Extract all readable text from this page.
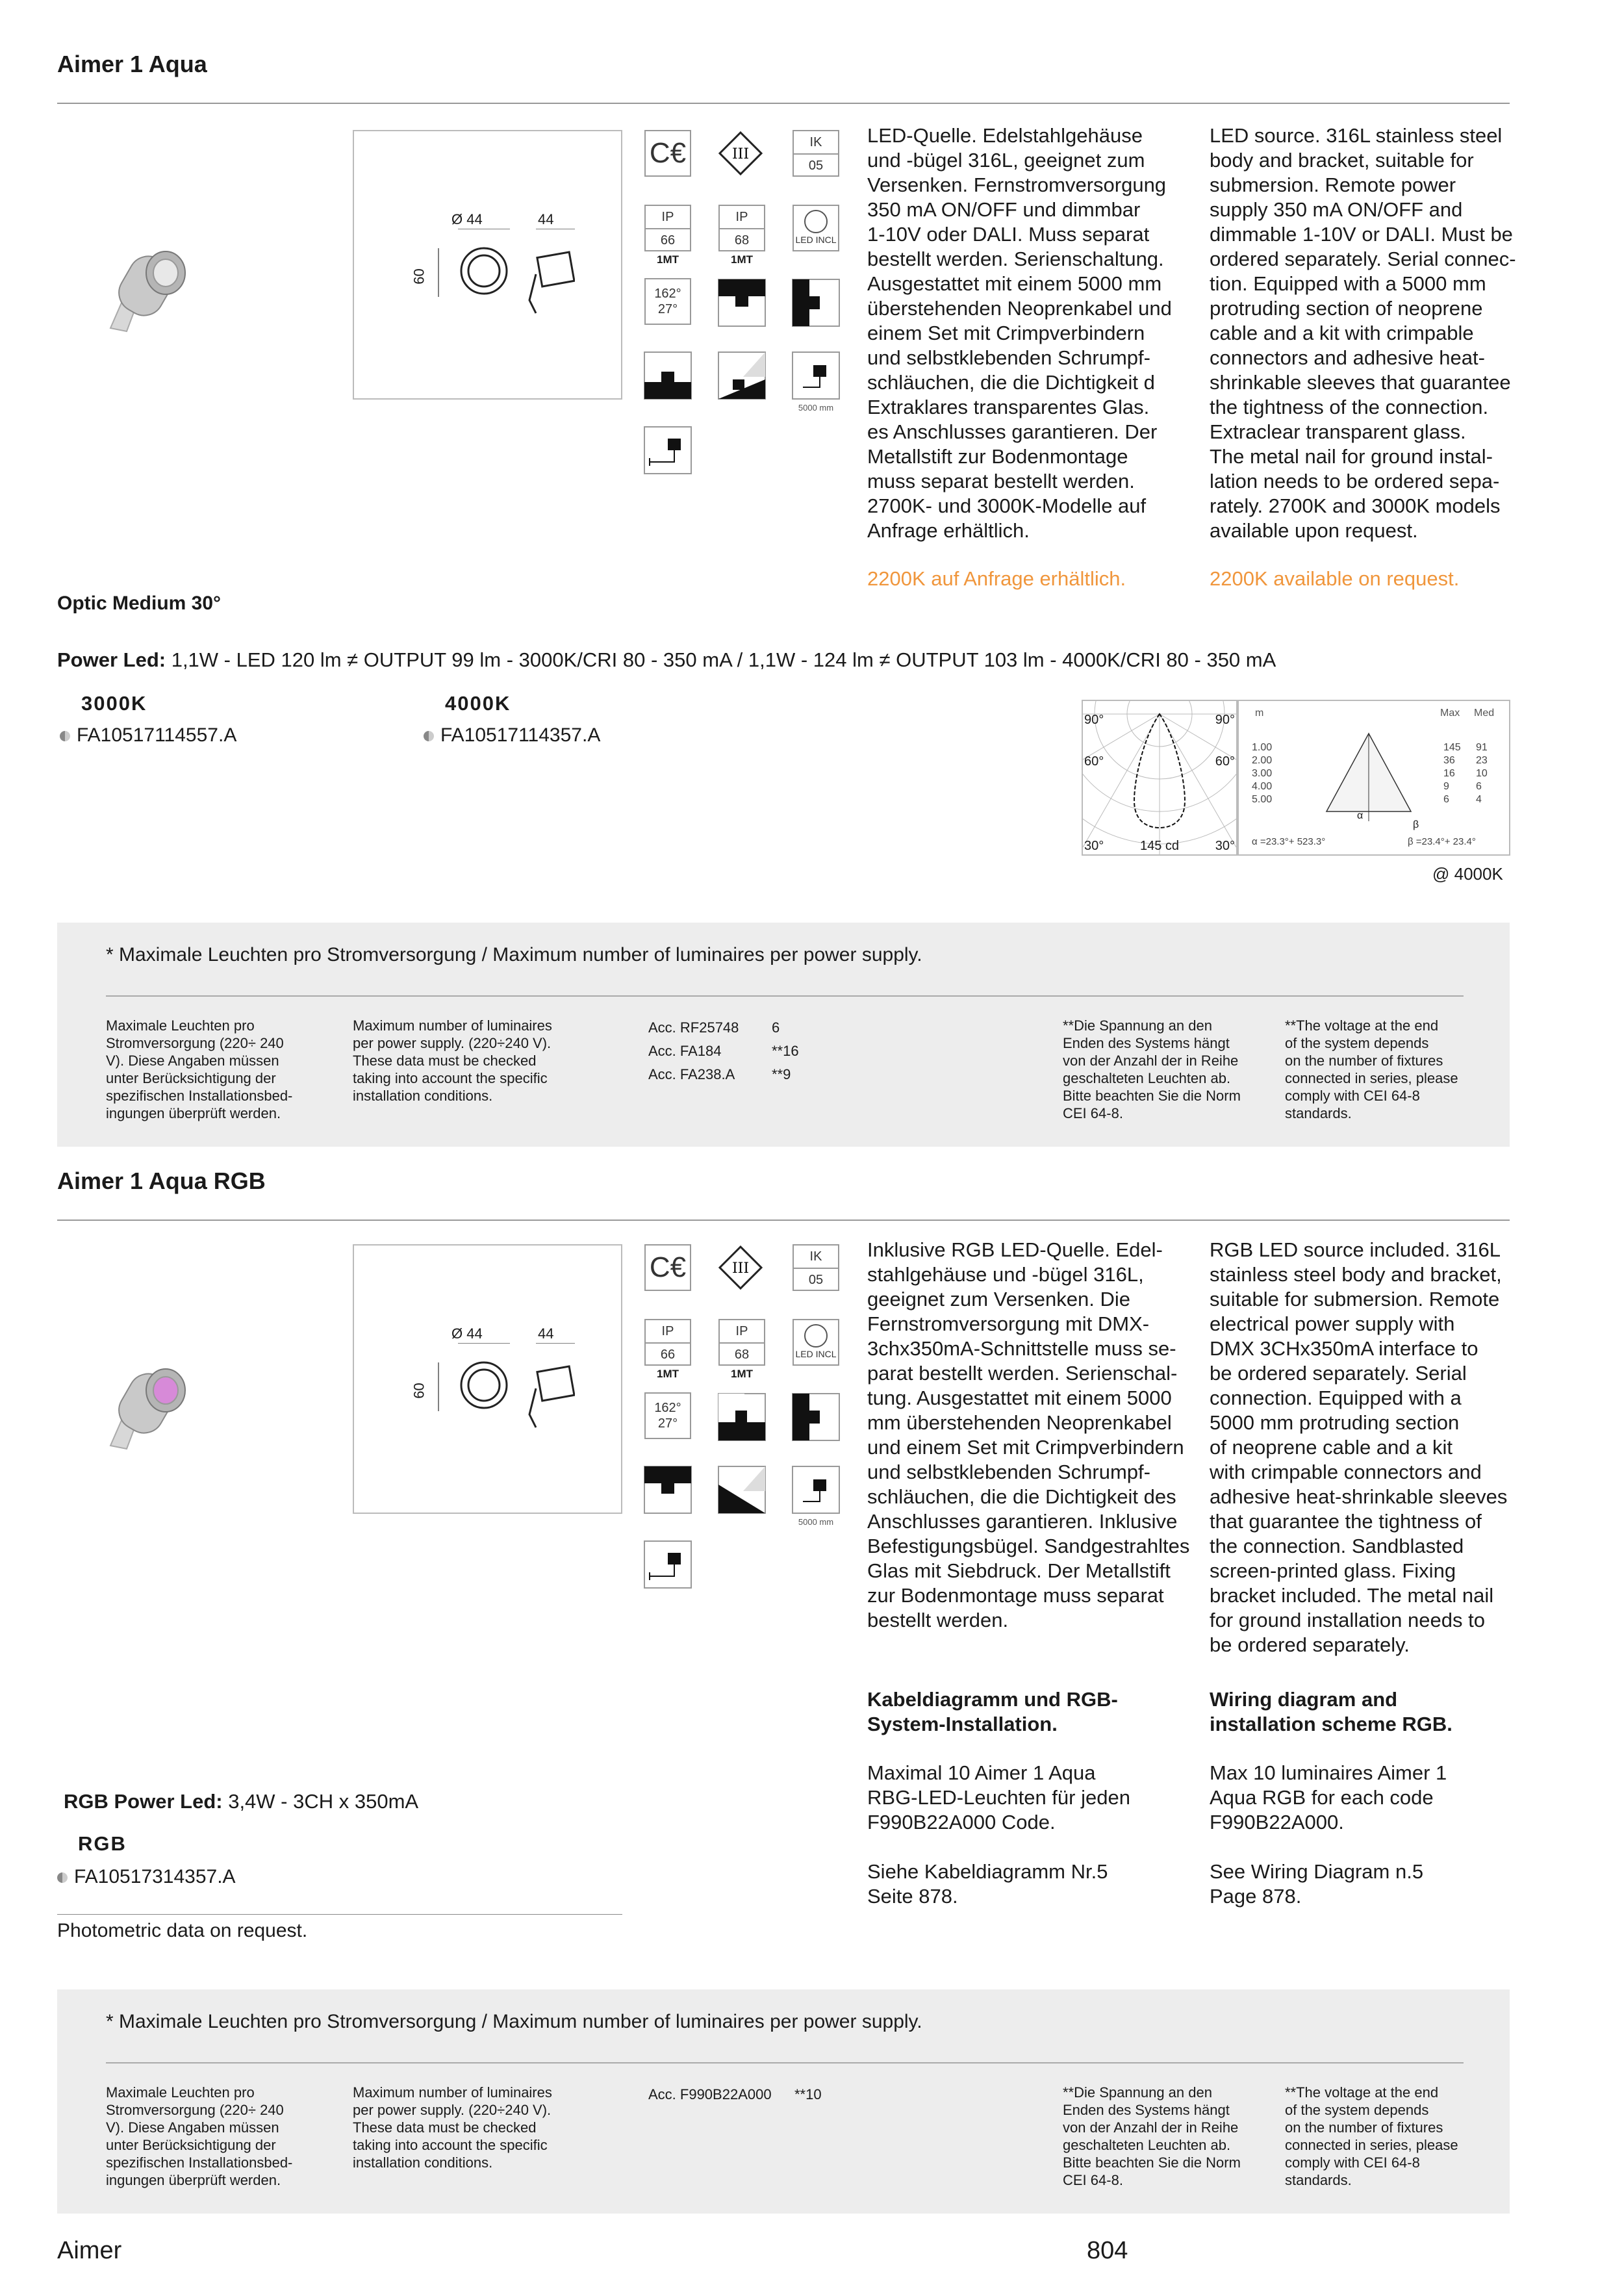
Aimer 1 Aqua
Ø 44	44
60
C€	III
IK
05
IP
66
1MT
IP
68
1MT
LED INCL
162°
27°
5000 mm
LED-Quelle. Edelstahlgehäuse
und -bügel 316L, geeignet zum
Versenken. Fernstromversorgung
350 mA ON/OFF und dimmbar
1-10V oder DALI. Muss separat
bestellt werden. Serienschaltung.
Ausgestattet mit einem 5000 mm
überstehenden Neoprenkabel und
einem Set mit Crimpverbindern
und selbstklebenden Schrumpf-
schläuchen, die die Dichtigkeit d
Extraklares transparentes Glas.
es Anschlusses garantieren. Der
Metallstift zur Bodenmontage
muss separat bestellt werden.
2700K- und 3000K-Modelle auf
Anfrage erhältlich.
LED source. 316L stainless steel
body and bracket, suitable for
submersion. Remote power
supply 350 mA ON/OFF and
dimmable 1-10V or DALI. Must be
ordered separately. Serial connec-
tion. Equipped with a 5000 mm
protruding section of neoprene
cable and a kit with crimpable
connectors and adhesive heat-
shrinkable sleeves that guarantee
the tightness of the connection.
Extraclear transparent glass.
The metal nail for ground instal-
lation needs to be ordered sepa-
rately. 2700K and 3000K models
available upon request.
2200K auf Anfrage erhältlich.	2200K available on request.
Optic Medium 30°
Power Led: 1,1W - LED 120 lm ≠ OUTPUT 99 lm - 3000K/CRI 80 - 350 mA / 1,1W - 124 lm ≠ OUTPUT 103 lm - 4000K/CRI 80 - 350 mA
3000K
FA10517114557.A
4000K
FA10517114357.A
90°	90°
60°	60°
30°	30°
145 cd
m	Max Med
1.00	145 91
2.00	36 23
3.00	16 10
4.00	9	6
5.00	6	4
α
β
α =23.3°+ 523.3°	β =23.4°+ 23.4°
@ 4000K
* Maximale Leuchten pro Stromversorgung / Maximum number of luminaires per power supply.
Maximale Leuchten pro
Stromversorgung (220÷ 240
V). Diese Angaben müssen
unter Berücksichtigung der
spezifischen Installationsbed-
ingungen überprüft werden.
Maximum number of luminaires
per power supply. (220÷240 V).
These data must be checked
taking into account the specific
installation conditions.
Acc. RF25748 6
Acc. FA184	**16
Acc. FA238.A	**9
**Die Spannung an den
Enden des Systems hängt
von der Anzahl der in Reihe
geschalteten Leuchten ab.
Bitte beachten Sie die Norm
CEI 64-8.
**The voltage at the end
of the system depends
on the number of fixtures
connected in series, please
comply with CEI 64-8
standards.
Aimer 1 Aqua RGB
Ø 44	44
60
C€	III
IK
05
IP
66
1MT
IP
68
1MT
LED INCL
162°
27°
5000 mm
Inklusive RGB LED-Quelle. Edel-
stahlgehäuse und -bügel 316L,
geeignet zum Versenken. Die
Fernstromversorgung mit DMX-
3chx350mA-Schnittstelle muss se-
parat bestellt werden. Serienschal-
tung. Ausgestattet mit einem 5000
mm überstehenden Neoprenkabel
und einem Set mit Crimpverbindern
und selbstklebenden Schrumpf-
schläuchen, die die Dichtigkeit des
Anschlusses garantieren. Inklusive
Befestigungsbügel. Sandgestrahltes
Glas mit Siebdruck. Der Metallstift
zur Bodenmontage muss separat
bestellt werden.
RGB LED source included. 316L
stainless steel body and bracket,
suitable for submersion. Remote
electrical power supply with
DMX 3CHx350mA interface to
be ordered separately. Serial
connection. Equipped with a
5000 mm protruding section
of neoprene cable and a kit
with crimpable connectors and
adhesive heat-shrinkable sleeves
that guarantee the tightness of
the connection. Sandblasted
screen-printed glass. Fixing
bracket included. The metal nail
for ground installation needs to
be ordered separately.
Kabeldiagramm und RGB-
System-Installation.
Wiring diagram and
installation scheme RGB.
Maximal 10 Aimer 1 Aqua
RBG-LED-Leuchten für jeden
F990B22A000 Code.
Max 10 luminaires Aimer 1
Aqua RGB for each code
F990B22A000.
Siehe Kabeldiagramm Nr.5
Seite 878.
See Wiring Diagram n.5
Page 878.
RGB Power Led: 3,4W - 3CH x 350mA
RGB
FA10517314357.A
Photometric data on request.
* Maximale Leuchten pro Stromversorgung / Maximum number of luminaires per power supply.
Maximale Leuchten pro
Stromversorgung (220÷ 240
V). Diese Angaben müssen
unter Berücksichtigung der
spezifischen Installationsbed-
ingungen überprüft werden.
Maximum number of luminaires
per power supply. (220÷240 V).
These data must be checked
taking into account the specific
installation conditions.
Acc. F990B22A000 **10	**Die Spannung an den
Enden des Systems hängt
von der Anzahl der in Reihe
geschalteten Leuchten ab.
Bitte beachten Sie die Norm
CEI 64-8.
**The voltage at the end
of the system depends
on the number of fixtures
connected in series, please
comply with CEI 64-8
standards.
Aimer	804
